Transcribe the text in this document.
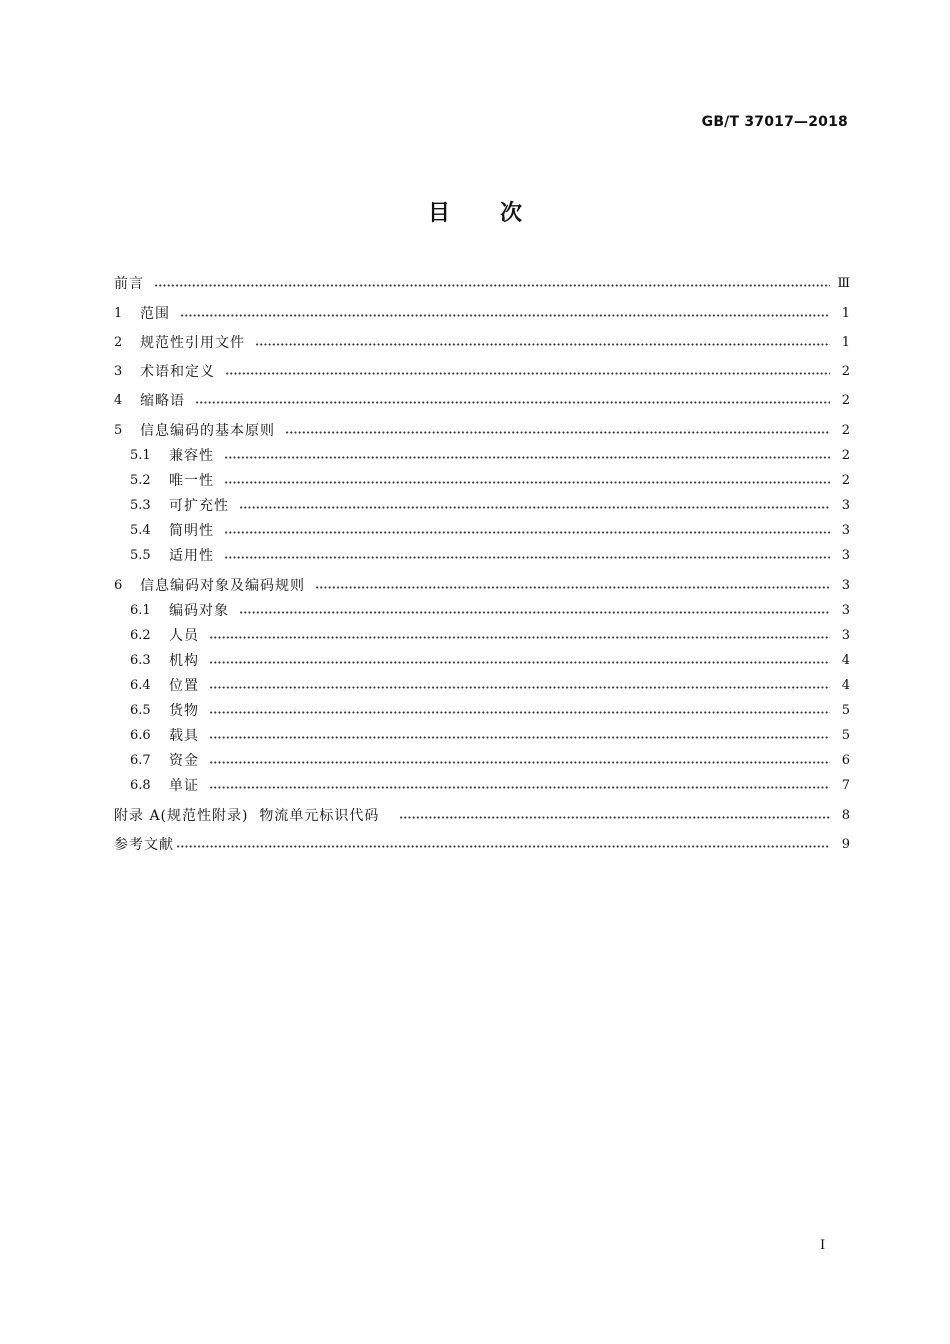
GB/T 37017—2018
目次
前言	Ⅲ
1	范围	1
2	规范性引用文件	1
3	术语和定义	2
4	缩略语	2
5	信息编码的基本原则	2
5.1	兼容性	2
5.2	唯一性	2
5.3	可扩充性	3
5.4	简明性	3
5.5	适用性	3
6	信息编码对象及编码规则	3
6.1	编码对象	3
6.2	人员	3
6.3	机构	4
6.4	位置	4
6.5	货物	5
6.6	载具	5
6.7	资金	6
6.8	单证	7
附录 A(规范性附录)  物流单元标识代码	8
参考文献	9
I
